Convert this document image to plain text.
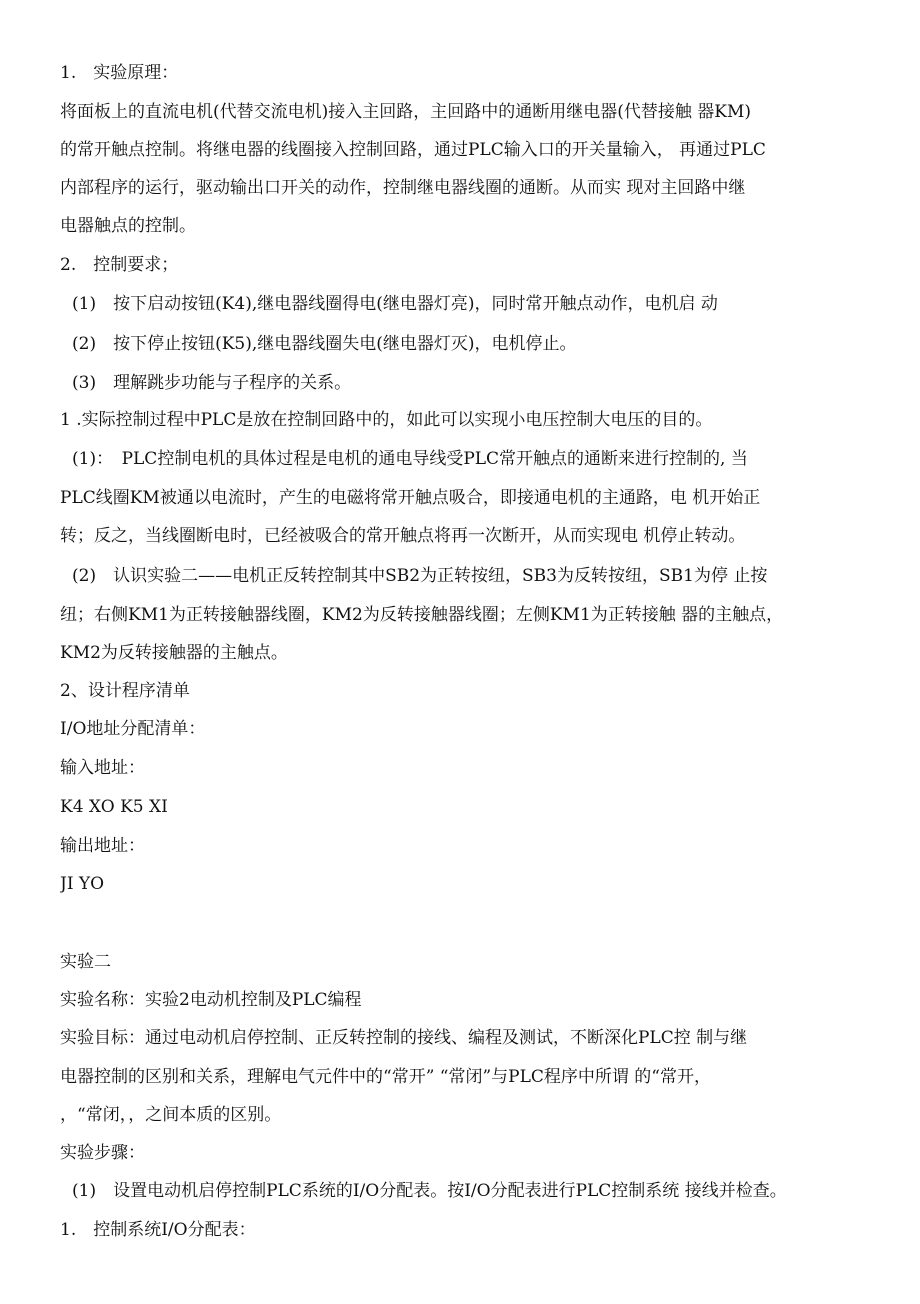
1.　实验原理：
将面板上的直流电机(代替交流电机)接入主回路，主回路中的通断用继电器(代替接触 器KM)
的常开触点控制。将继电器的线圈接入控制回路，通过PLC输入口的开关量输入， 再通过PLC
内部程序的运行，驱动输出口开关的动作，控制继电器线圈的通断。从而实 现对主回路中继
电器触点的控制。
2.　控制要求；
(1)　按下启动按钮(K4),继电器线圈得电(继电器灯亮)，同时常开触点动作，电机启 动
(2)　按下停止按钮(K5),继电器线圈失电(继电器灯灭)，电机停止。
(3)　理解跳步功能与子程序的关系。
1 .实际控制过程中PLC是放在控制回路中的，如此可以实现小电压控制大电压的目的。
(1)：　PLC控制电机的具体过程是电机的通电导线受PLC常开触点的通断来进行控制的, 当
PLC线圈KM被通以电流时，产生的电磁将常开触点吸合，即接通电机的主通路，电 机开始正
转；反之，当线圈断电时，已经被吸合的常开触点将再一次断开，从而实现电 机停止转动。
(2)　认识实验二——电机正反转控制其中SB2为正转按纽，SB3为反转按纽，SB1为停 止按
纽；右侧KM1为正转接触器线圈，KM2为反转接触器线圈；左侧KM1为正转接触 器的主触点，
KM2为反转接触器的主触点。
2、设计程序清单
I/O地址分配清单：
输入地址：
K4 XO K5 XI
输出地址：
JI YO
实验二
实验名称：实验2电动机控制及PLC编程
实验目标：通过电动机启停控制、正反转控制的接线、编程及测试，不断深化PLC控 制与继
电器控制的区别和关系，理解电气元件中的“常开” “常闭”与PLC程序中所谓 的“常开，
，“常闭，，之间本质的区别。
实验步骤：
(1)　设置电动机启停控制PLC系统的I/O分配表。按I/O分配表进行PLC控制系统 接线并检查。
1.　控制系统I/O分配表：
